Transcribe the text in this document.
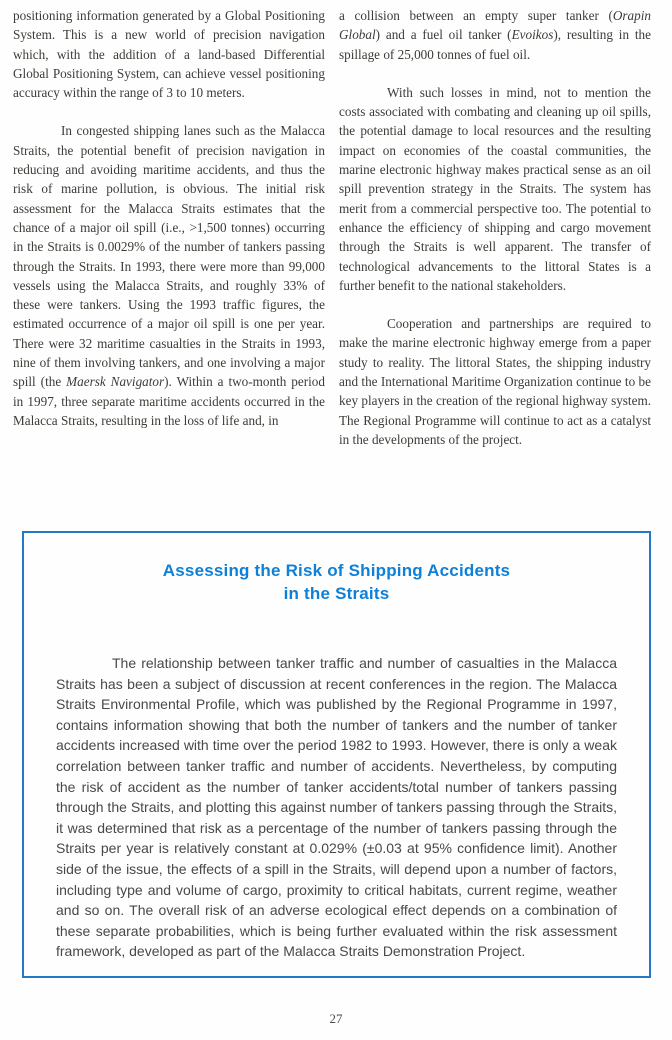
positioning information generated by a Global Positioning System. This is a new world of precision navigation which, with the addition of a land-based Differential Global Positioning System, can achieve vessel positioning accuracy within the range of 3 to 10 meters.

In congested shipping lanes such as the Malacca Straits, the potential benefit of precision navigation in reducing and avoiding maritime accidents, and thus the risk of marine pollution, is obvious. The initial risk assessment for the Malacca Straits estimates that the chance of a major oil spill (i.e., >1,500 tonnes) occurring in the Straits is 0.0029% of the number of tankers passing through the Straits. In 1993, there were more than 99,000 vessels using the Malacca Straits, and roughly 33% of these were tankers. Using the 1993 traffic figures, the estimated occurrence of a major oil spill is one per year. There were 32 maritime casualties in the Straits in 1993, nine of them involving tankers, and one involving a major spill (the Maersk Navigator). Within a two-month period in 1997, three separate maritime accidents occurred in the Malacca Straits, resulting in the loss of life and, in

a collision between an empty super tanker (Orapin Global) and a fuel oil tanker (Evoikos), resulting in the spillage of 25,000 tonnes of fuel oil.

With such losses in mind, not to mention the costs associated with combating and cleaning up oil spills, the potential damage to local resources and the resulting impact on economies of the coastal communities, the marine electronic highway makes practical sense as an oil spill prevention strategy in the Straits. The system has merit from a commercial perspective too. The potential to enhance the efficiency of shipping and cargo movement through the Straits is well apparent. The transfer of technological advancements to the littoral States is a further benefit to the national stakeholders.

Cooperation and partnerships are required to make the marine electronic highway emerge from a paper study to reality. The littoral States, the shipping industry and the International Maritime Organization continue to be key players in the creation of the regional highway system. The Regional Programme will continue to act as a catalyst in the developments of the project.

Assessing the Risk of Shipping Accidents
in the Straits

The relationship between tanker traffic and number of casualties in the Malacca Straits has been a subject of discussion at recent conferences in the region. The Malacca Straits Environmental Profile, which was published by the Regional Programme in 1997, contains information showing that both the number of tankers and the number of tanker accidents increased with time over the period 1982 to 1993. However, there is only a weak correlation between tanker traffic and number of accidents. Nevertheless, by computing the risk of accident as the number of tanker accidents/total number of tankers passing through the Straits, and plotting this against number of tankers passing through the Straits, it was determined that risk as a percentage of the number of tankers passing through the Straits per year is relatively constant at 0.029% (±0.03 at 95% confidence limit). Another side of the issue, the effects of a spill in the Straits, will depend upon a number of factors, including type and volume of cargo, proximity to critical habitats, current regime, weather and so on. The overall risk of an adverse ecological effect depends on a combination of these separate probabilities, which is being further evaluated within the risk assessment framework, developed as part of the Malacca Straits Demonstration Project.

27
